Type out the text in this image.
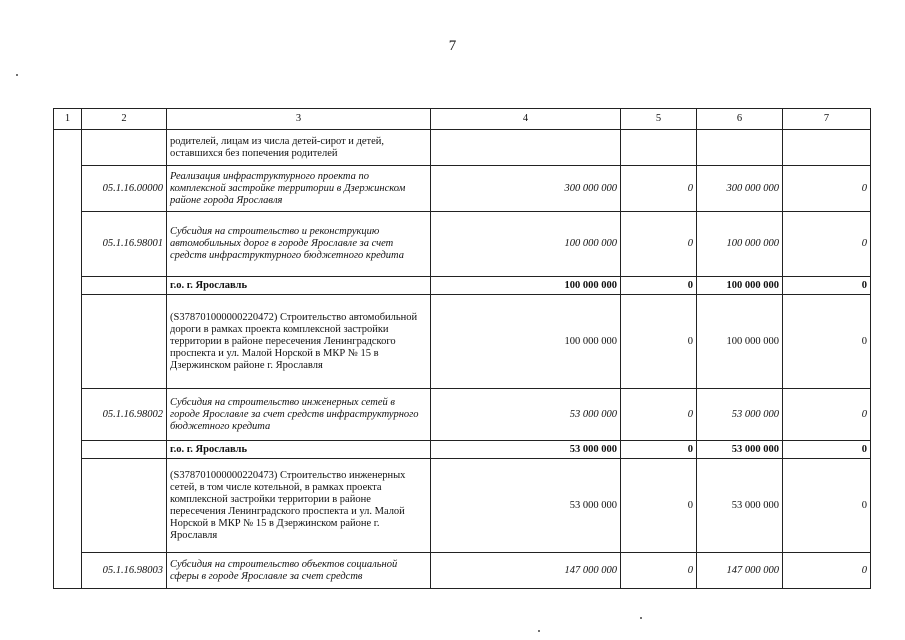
7
1	2	3	4	5	6	7
		родителей, лицам из числа детей-сирот и детей, оставшихся без попечения родителей				
	05.1.16.00000	Реализация инфраструктурного проекта по комплексной застройке территории в Дзержинском районе города Ярославля	300 000 000	0	300 000 000	0
	05.1.16.98001	Субсидия на строительство и реконструкцию автомобильных дорог в городе Ярославле за счет средств инфраструктурного бюджетного кредита	100 000 000	0	100 000 000	0
		г.о. г. Ярославль	100 000 000	0	100 000 000	0
		(S378701000000220472) Строительство автомобильной дороги в рамках проекта комплексной застройки территории в районе пересечения Ленинградского проспекта и ул. Малой Норской в МКР № 15 в Дзержинском районе г. Ярославля	100 000 000	0	100 000 000	0
	05.1.16.98002	Субсидия на строительство инженерных сетей в городе Ярославле за счет средств инфраструктурного бюджетного кредита	53 000 000	0	53 000 000	0
		г.о. г. Ярославль	53 000 000	0	53 000 000	0
		(S378701000000220473) Строительство инженерных сетей, в том числе котельной, в рамках проекта комплексной застройки территории в районе пересечения Ленинградского проспекта и ул. Малой Норской в МКР № 15 в Дзержинском районе г. Ярославля	53 000 000	0	53 000 000	0
	05.1.16.98003	Субсидия на строительство объектов социальной сферы в городе Ярославле за счет средств	147 000 000	0	147 000 000	0
